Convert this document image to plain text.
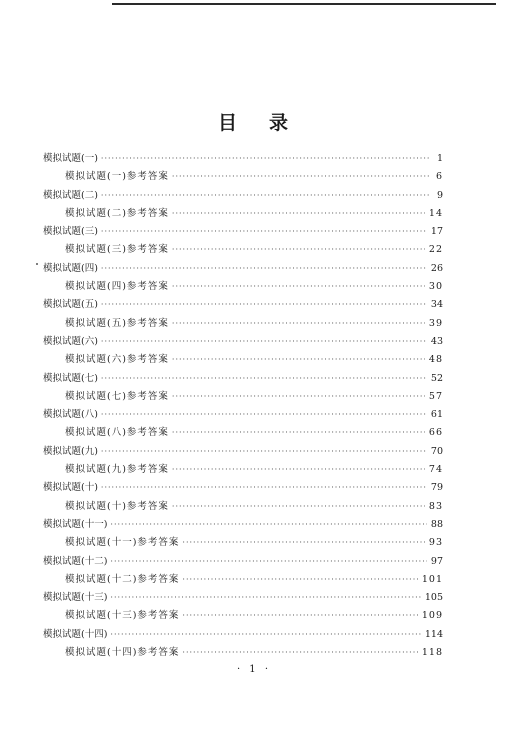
目 录
模拟试题(一) ·····	1
模拟试题(一)参考答案 ·····	6
模拟试题(二) ·····	9
模拟试题(二)参考答案 ·····	14
模拟试题(三) ·····	17
模拟试题(三)参考答案 ·····	22
模拟试题(四) ·····	26
模拟试题(四)参考答案 ·····	30
模拟试题(五) ·····	34
模拟试题(五)参考答案 ·····	39
模拟试题(六) ·····	43
模拟试题(六)参考答案 ·····	48
模拟试题(七) ·····	52
模拟试题(七)参考答案 ·····	57
模拟试题(八) ·····	61
模拟试题(八)参考答案 ·····	66
模拟试题(九) ·····	70
模拟试题(九)参考答案 ·····	74
模拟试题(十) ·····	79
模拟试题(十)参考答案 ·····	83
模拟试题(十一) ·····	88
模拟试题(十一)参考答案 ·····	93
模拟试题(十二) ·····	97
模拟试题(十二)参考答案 ·····	101
模拟试题(十三) ·····	105
模拟试题(十三)参考答案 ·····	109
模拟试题(十四) ·····	114
模拟试题(十四)参考答案 ·····	118
· 1 ·
